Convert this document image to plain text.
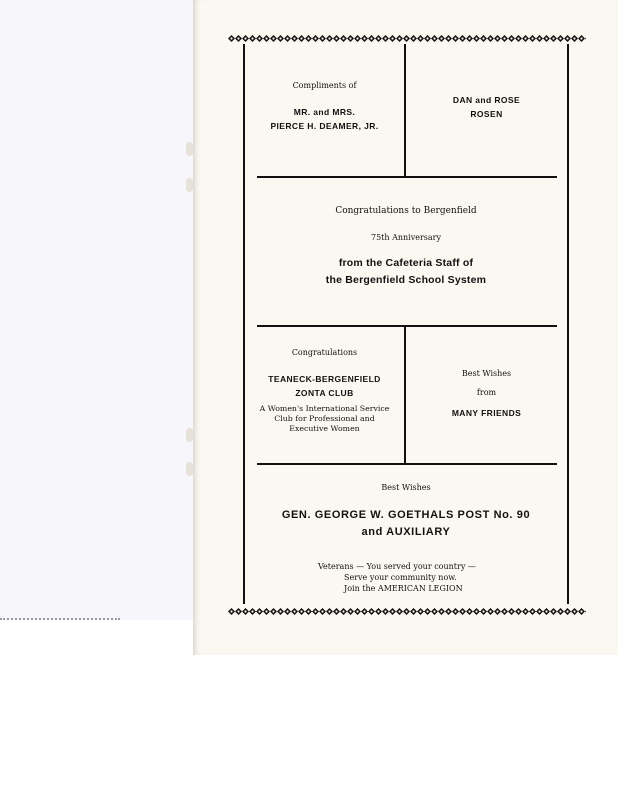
Compliments of
MR. and MRS.
PIERCE H. DEAMER, JR.
DAN and ROSE
ROSEN
Congratulations to Bergenfield
75th Anniversary
from the Cafeteria Staff of
the Bergenfield School System
Congratulations
TEANECK-BERGENFIELD
ZONTA CLUB
A Women's International Service
Club for Professional and
Executive Women
Best Wishes
from
MANY FRIENDS
Best Wishes
GEN. GEORGE W. GOETHALS POST No. 90
and AUXILIARY
Veterans — You served your country —
Serve your community now.
Join the AMERICAN LEGION
